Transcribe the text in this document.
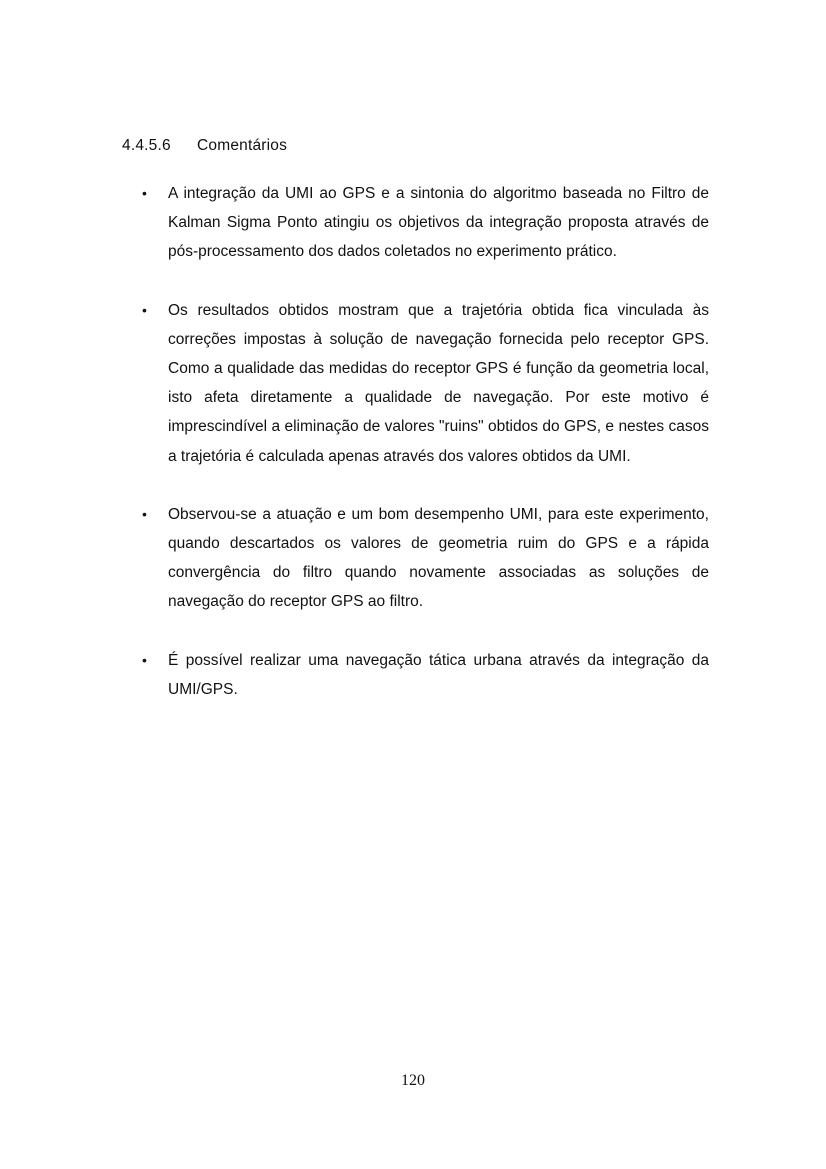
4.4.5.6 Comentários
• A integração da UMI ao GPS e a sintonia do algoritmo baseada no Filtro de Kalman Sigma Ponto atingiu os objetivos da integração proposta através de pós-processamento dos dados coletados no experimento prático.
• Os resultados obtidos mostram que a trajetória obtida fica vinculada às correções impostas à solução de navegação fornecida pelo receptor GPS. Como a qualidade das medidas do receptor GPS é função da geometria local, isto afeta diretamente a qualidade de navegação. Por este motivo é imprescindível a eliminação de valores "ruins" obtidos do GPS, e nestes casos a trajetória é calculada apenas através dos valores obtidos da UMI.
• Observou-se a atuação e um bom desempenho UMI, para este experimento, quando descartados os valores de geometria ruim do GPS e a rápida convergência do filtro quando novamente associadas as soluções de navegação do receptor GPS ao filtro.
• É possível realizar uma navegação tática urbana através da integração da UMI/GPS.
120
